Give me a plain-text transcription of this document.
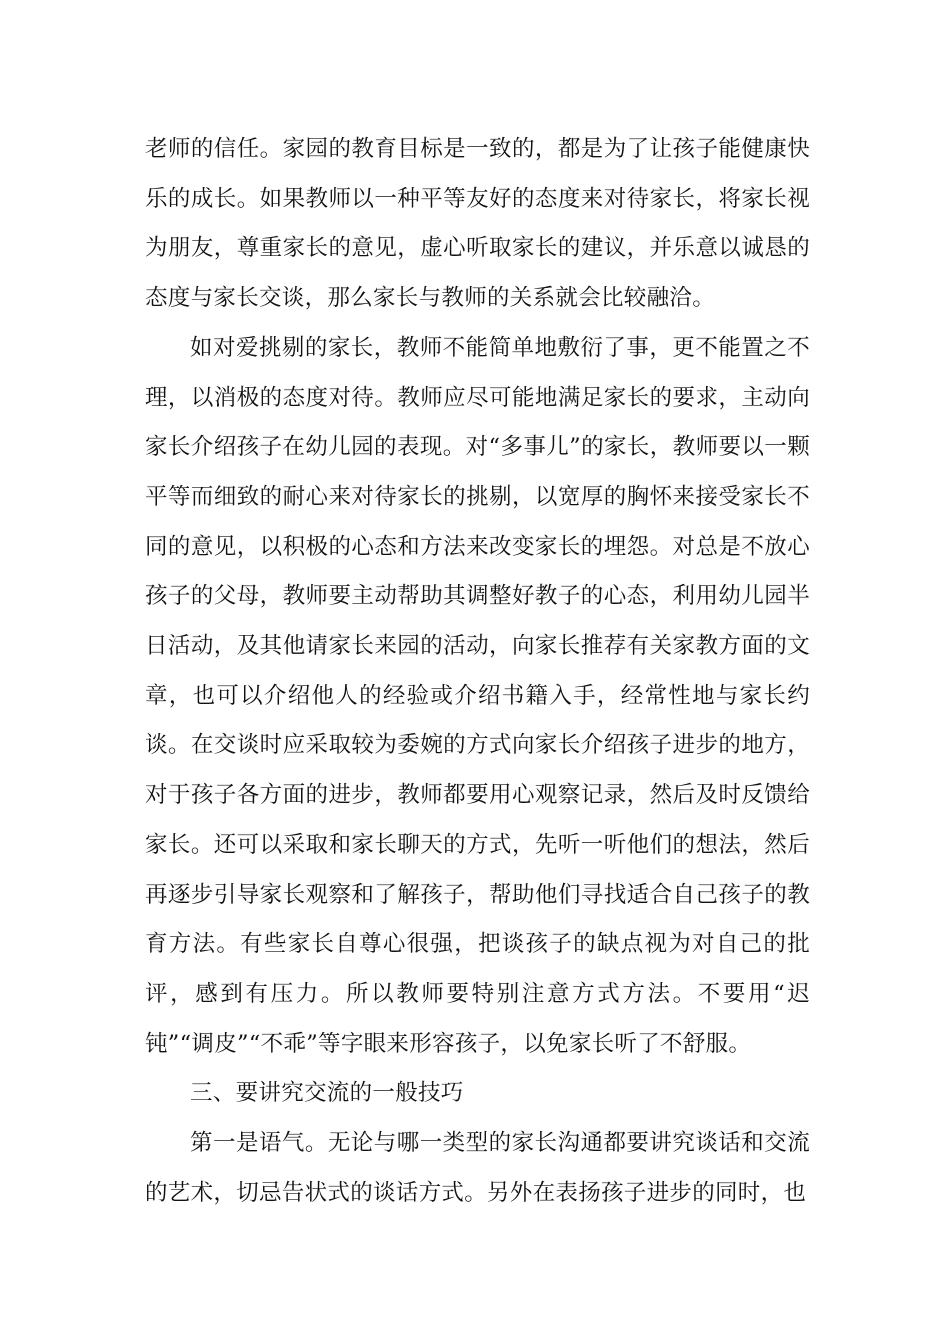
老师的信任。家园的教育目标是一致的，都是为了让孩子能健康快乐的成长。如果教师以一种平等友好的态度来对待家长，将家长视为朋友，尊重家长的意见，虚心听取家长的建议，并乐意以诚恳的态度与家长交谈，那么家长与教师的关系就会比较融洽。

如对爱挑剔的家长，教师不能简单地敷衍了事，更不能置之不理，以消极的态度对待。教师应尽可能地满足家长的要求，主动向家长介绍孩子在幼儿园的表现。对“多事儿”的家长，教师要以一颗平等而细致的耐心来对待家长的挑剔，以宽厚的胸怀来接受家长不同的意见，以积极的心态和方法来改变家长的埋怨。对总是不放心孩子的父母，教师要主动帮助其调整好教子的心态，利用幼儿园半日活动，及其他请家长来园的活动，向家长推荐有关家教方面的文章，也可以介绍他人的经验或介绍书籍入手，经常性地与家长约谈。在交谈时应采取较为委婉的方式向家长介绍孩子进步的地方，对于孩子各方面的进步，教师都要用心观察记录，然后及时反馈给家长。还可以采取和家长聊天的方式，先听一听他们的想法，然后再逐步引导家长观察和了解孩子，帮助他们寻找适合自己孩子的教育方法。有些家长自尊心很强，把谈孩子的缺点视为对自己的批评，感到有压力。所以教师要特别注意方式方法。不要用“迟钝”“调皮”“不乖”等字眼来形容孩子，以免家长听了不舒服。

三、要讲究交流的一般技巧

第一是语气。无论与哪一类型的家长沟通都要讲究谈话和交流的艺术，切忌告状式的谈话方式。另外在表扬孩子进步的同时，也
